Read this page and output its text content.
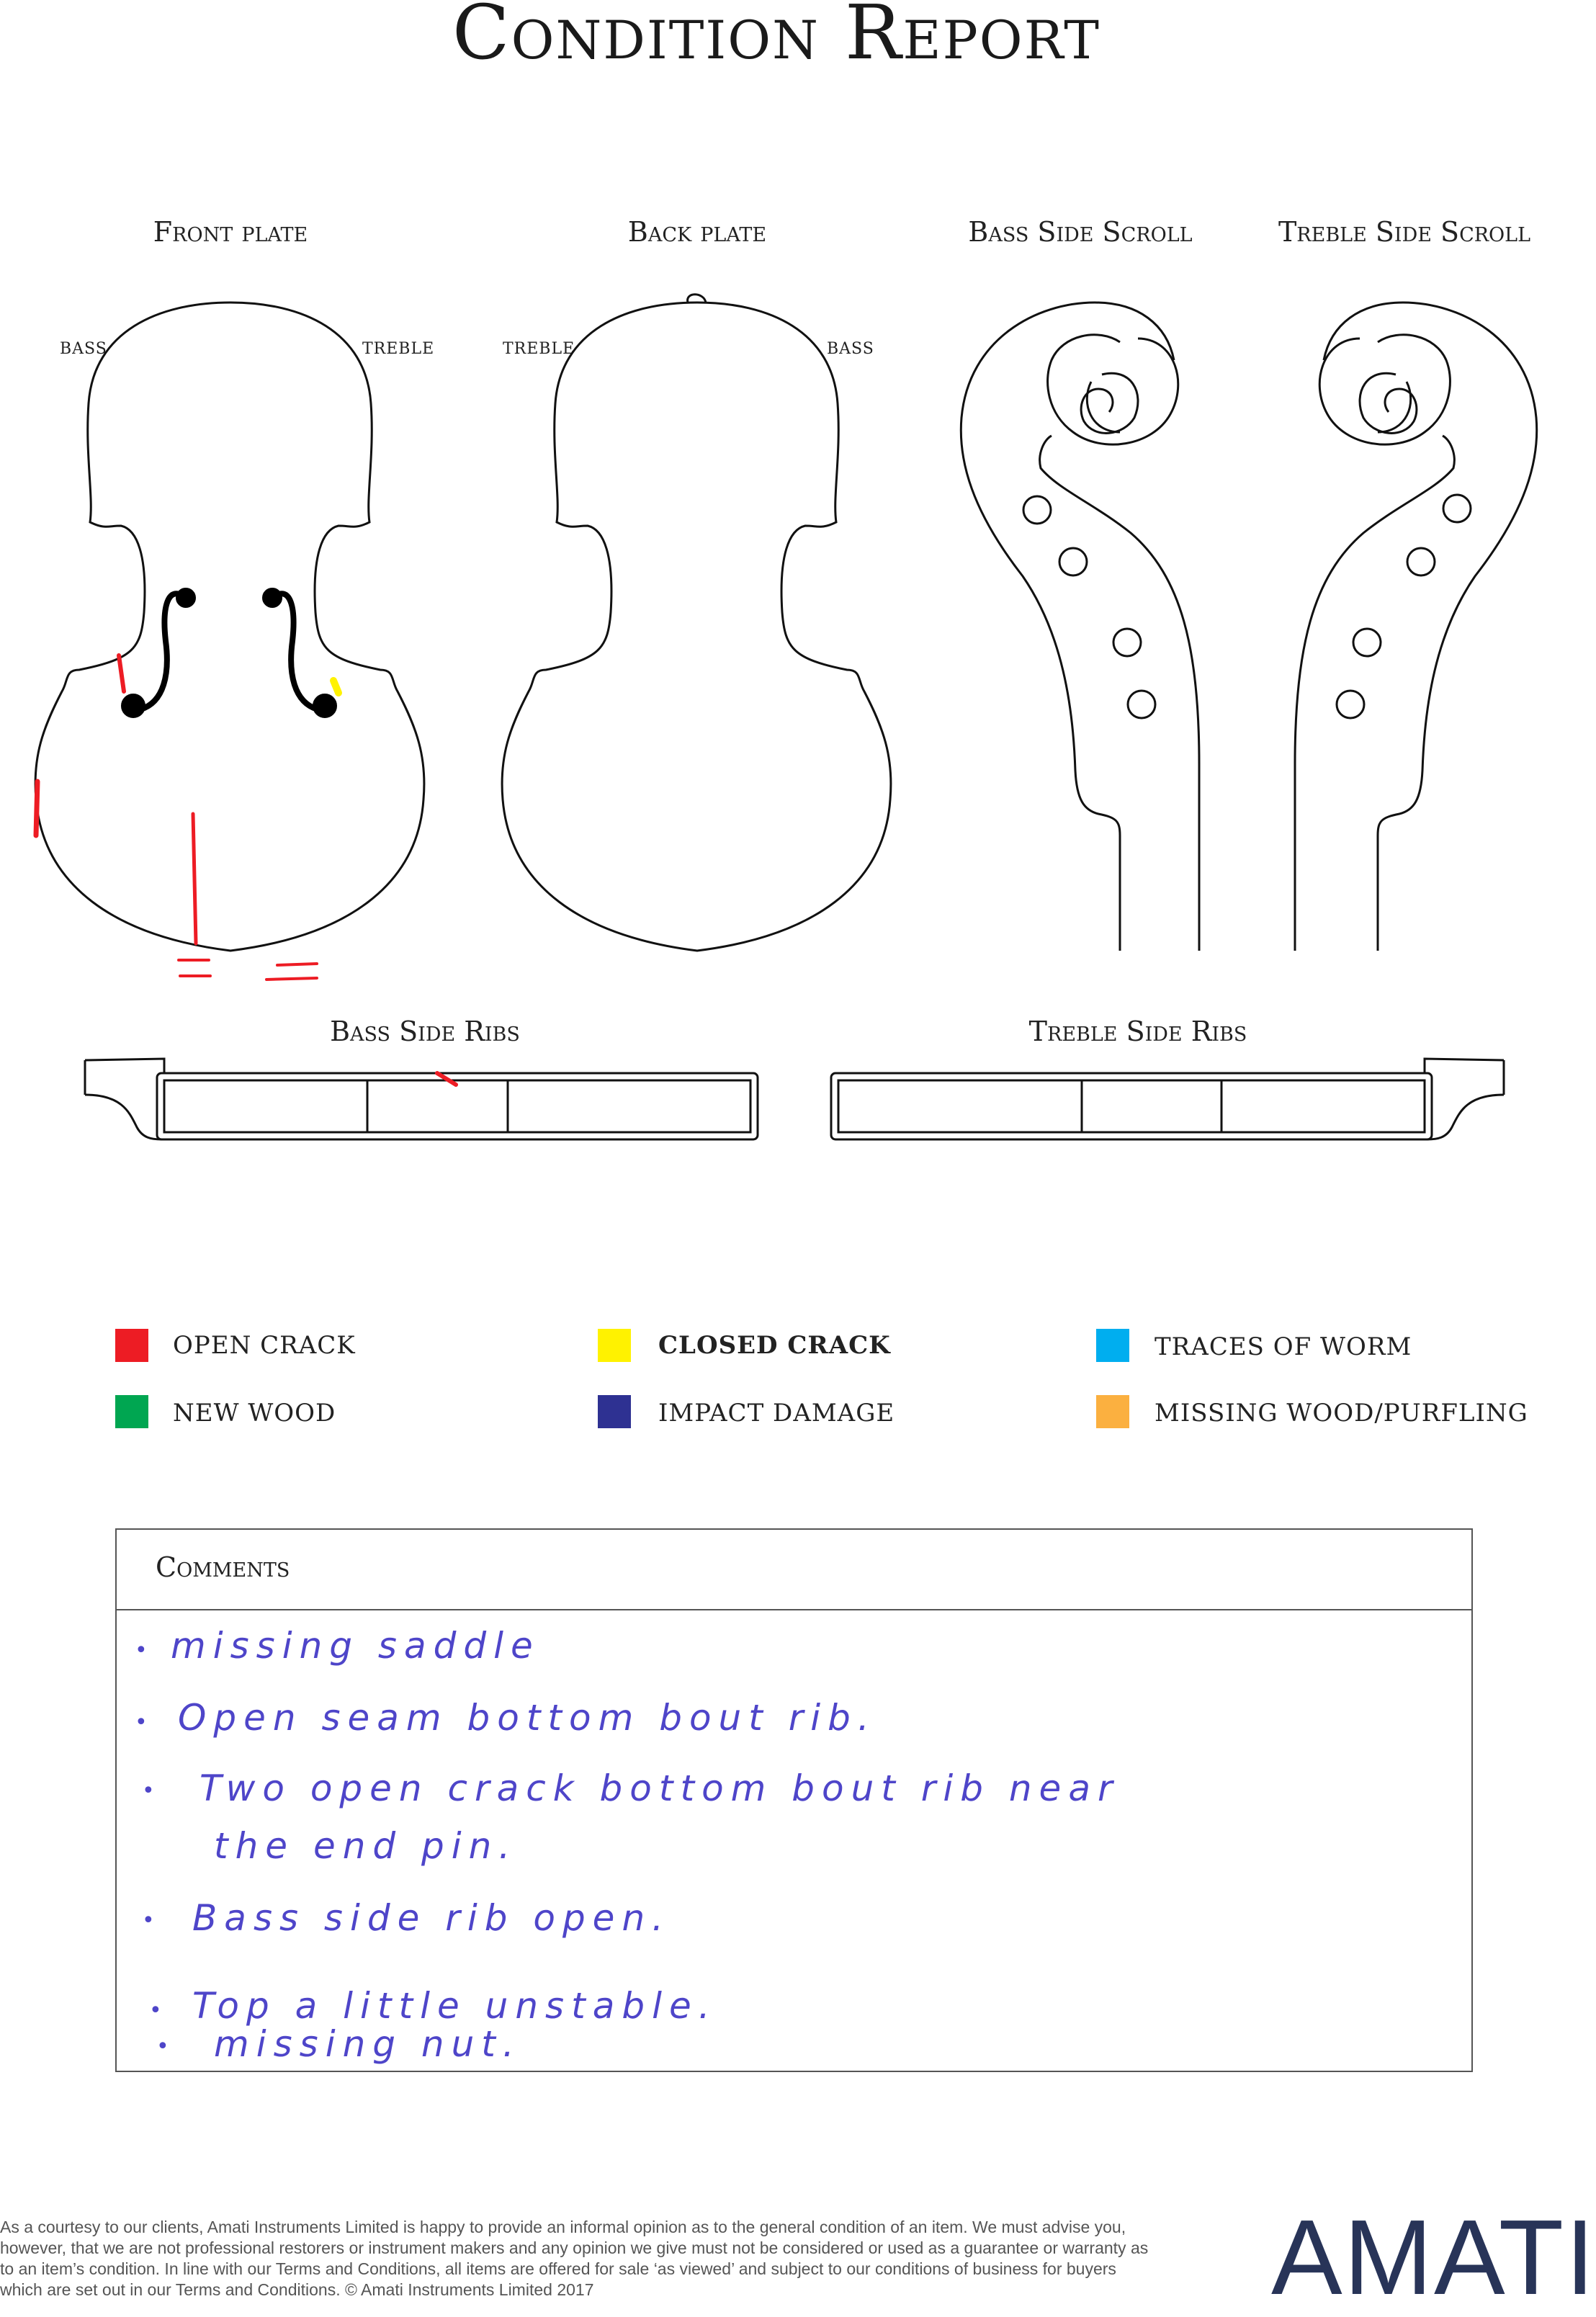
Condition Report
Front plate	Back plate	Bass Side Scroll	Treble Side Scroll
Bass Side Ribs	Treble Side Ribs
BASS	TREBLE	TREBLE	BASS
OPEN CRACK	CLOSED CRACK	TRACES OF WORM
NEW WOOD	IMPACT DAMAGE	MISSING WOOD/PURFLING
Comments
• missing saddle
• Open seam bottom bout rib.
• Two open crack bottom bout rib near
the end pin.
• Bass side rib open.
• Top a little unstable.
• missing nut.
As a courtesy to our clients, Amati Instruments Limited is happy to provide an informal opinion as to the general condition of an item. We must advise you, however, that we are not professional restorers or instrument makers and any opinion we give must not be considered or used as a guarantee or warranty as to an item’s condition. In line with our Terms and Conditions, all items are offered for sale ‘as viewed’ and subject to our conditions of business for buyers which are set out in our Terms and Conditions. © Amati Instruments Limited 2017	AMATI
